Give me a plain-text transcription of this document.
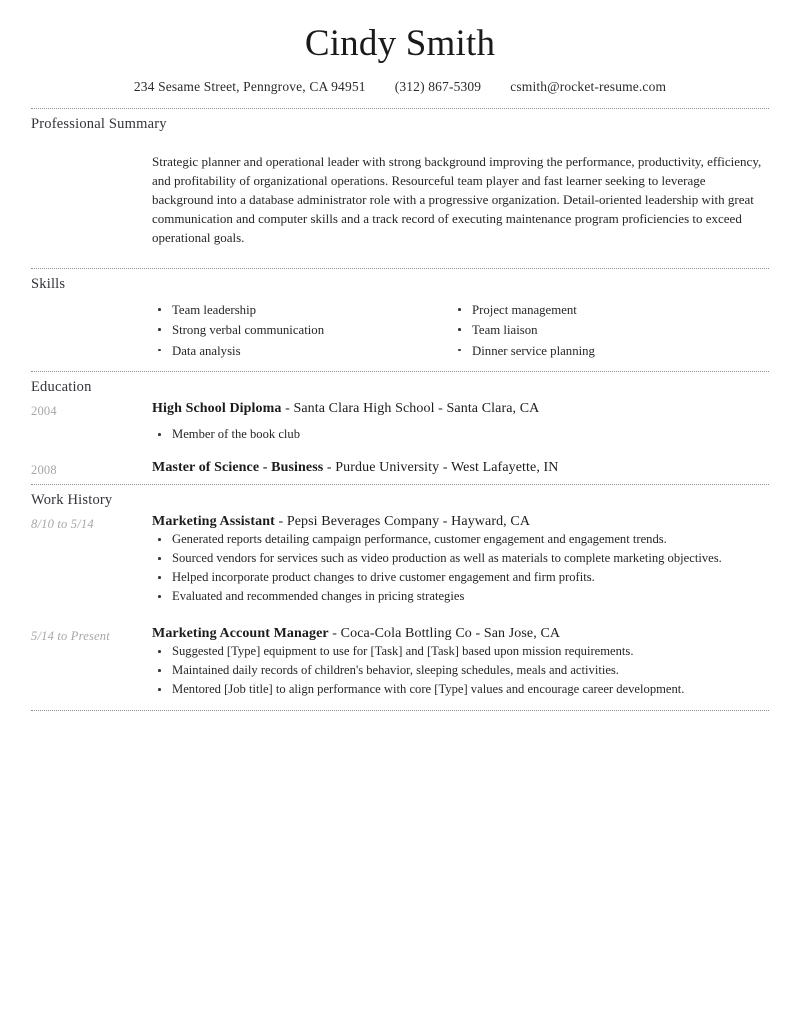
Cindy Smith
234 Sesame Street, Penngrove, CA 94951 (312) 867-5309 csmith@rocket-resume.com
Professional Summary

Strategic planner and operational leader with strong background improving the performance, productivity, efficiency, and profitability of organizational operations. Resourceful team player and fast learner seeking to leverage background into a database administrator role with a progressive organization. Detail-oriented leadership with great communication and computer skills and a track record of executing maintenance program proficiencies to exceed operational goals.

Skills
Team leadership
Strong verbal communication
Data analysis
Project management
Team liaison
Dinner service planning
Education
2004	High School Diploma - Santa Clara High School - Santa Clara, CA
Member of the book club
2008	Master of Science - Business - Purdue University - West Lafayette, IN
Work History
8/10 to 5/14	Marketing Assistant - Pepsi Beverages Company - Hayward, CA
Generated reports detailing campaign performance, customer engagement and engagement trends.
Sourced vendors for services such as video production as well as materials to complete marketing objectives.
Helped incorporate product changes to drive customer engagement and firm profits.
Evaluated and recommended changes in pricing strategies
5/14 to Present	Marketing Account Manager - Coca-Cola Bottling Co - San Jose, CA
Suggested [Type] equipment to use for [Task] and [Task] based upon mission requirements.
Maintained daily records of children's behavior, sleeping schedules, meals and activities.
Mentored [Job title] to align performance with core [Type] values and encourage career development.
